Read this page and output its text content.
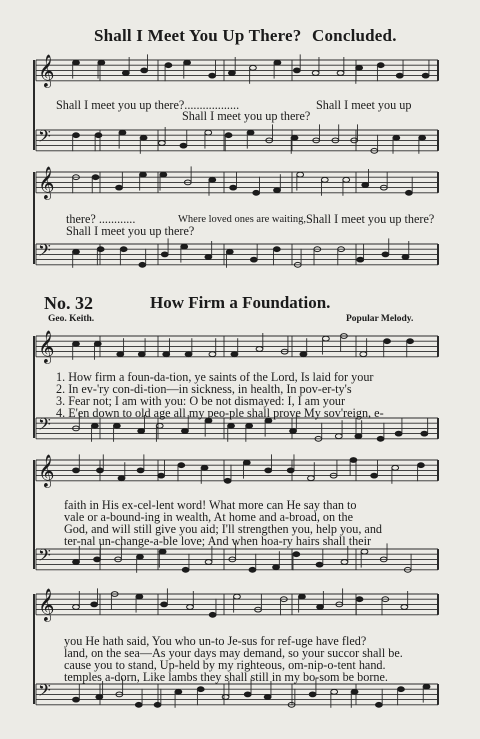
𝄞
𝄢
𝄞
𝄢
𝄞
𝄢
𝄞
𝄢
𝄞
𝄢
Shall I Meet You Up There? Concluded.
Shall I meet you up there?..................	Shall I meet you up
Shall I meet you up there?
there? ............	Where loved ones are waiting, Shall I meet you up there?
Shall I meet you up there?
No. 32	How Firm a Foundation.
Geo. Keith.	Popular Melody.
1. How firm a foun-da-tion, ye saints of the Lord, Is laid for your
2. In ev-'ry con-di-tion—in sickness, in health, In pov-er-ty's
3. Fear not; I am with you: O be not dismayed: I, I am your
4. E'en down to old age all my peo-ple shall prove My sov'reign, e-
faith in His ex-cel-lent word! What more can He say than to
vale or a-bound-ing in wealth, At home and a-broad, on the
God, and will still give you aid; I'll strengthen you, help you, and
ter-nal un-change-a-ble love; And when hoa-ry hairs shall their
you He hath said, You who un-to Je-sus for ref-uge have fled?
land, on the sea—As your days may demand, so your succor shall be.
cause you to stand, Up-held by my righteous, om-nip-o-tent hand.
temples a-dorn, Like lambs they shall still in my bo-som be borne.
